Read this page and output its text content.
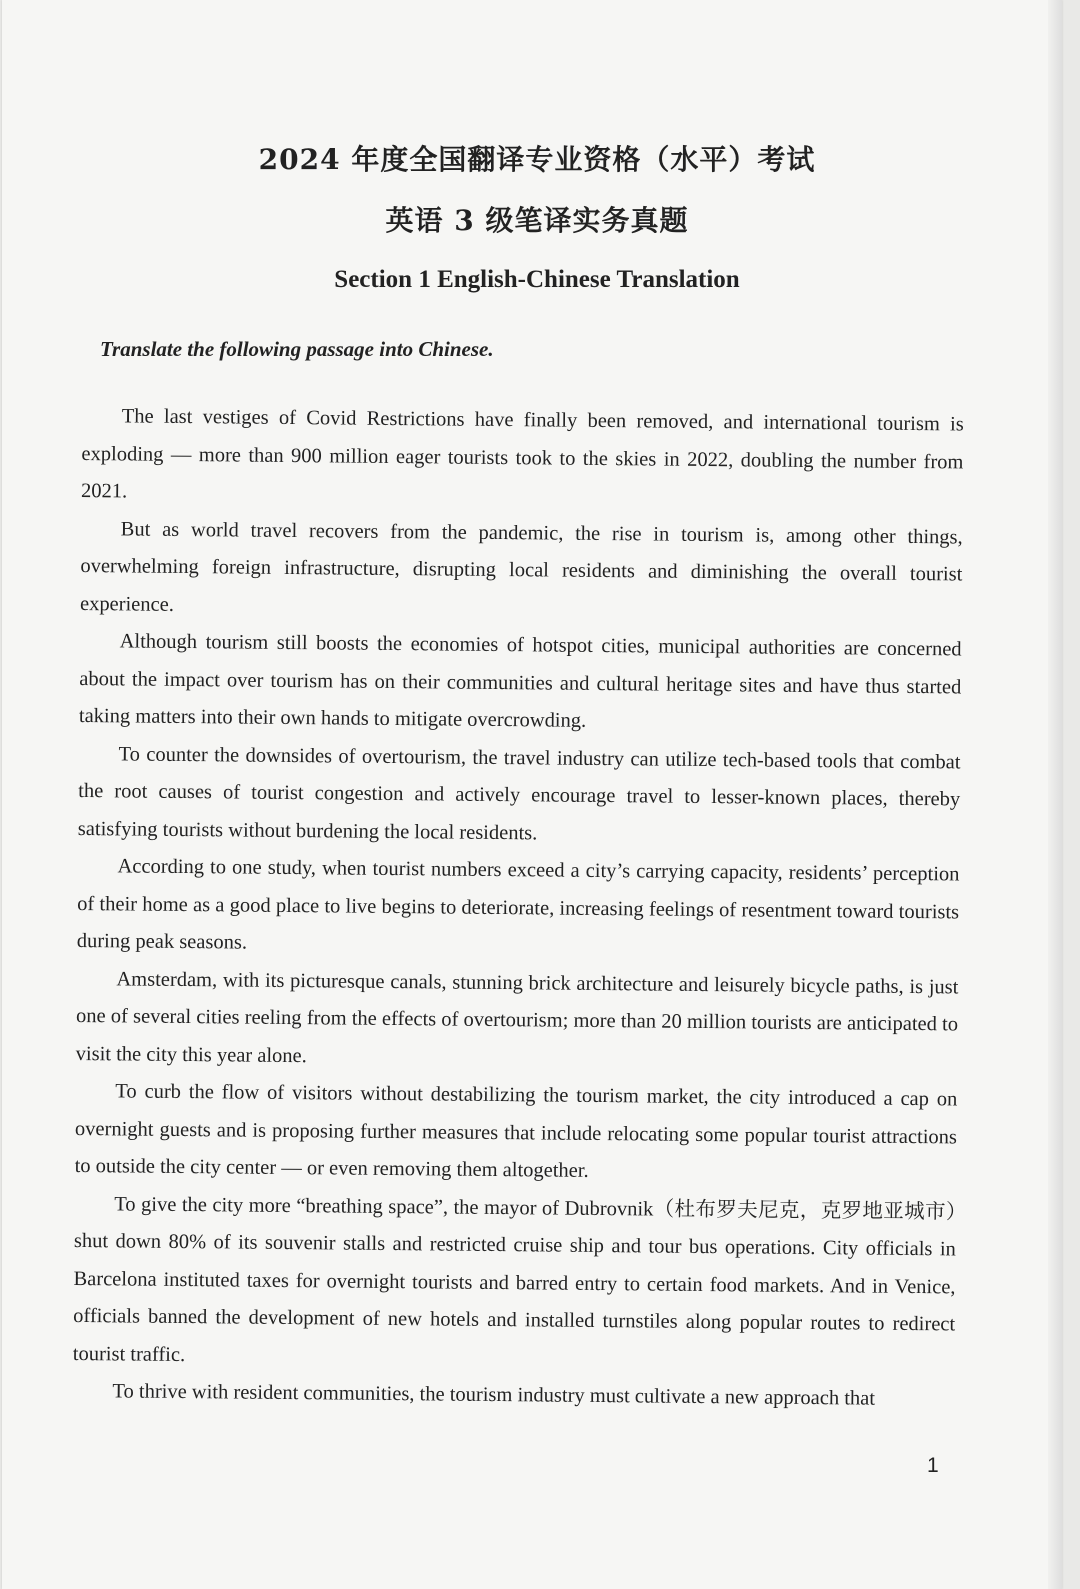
2024 年度全国翻译专业资格（水平）考试
英语 3 级笔译实务真题
Section 1 English-Chinese Translation
Translate the following passage into Chinese.

The last vestiges of Covid Restrictions have finally been removed, and international tourism is exploding — more than 900 million eager tourists took to the skies in 2022, doubling the number from 2021.

But as world travel recovers from the pandemic, the rise in tourism is, among other things, overwhelming foreign infrastructure, disrupting local residents and diminishing the overall tourist experience.

Although tourism still boosts the economies of hotspot cities, municipal authorities are concerned about the impact over tourism has on their communities and cultural heritage sites and have thus started taking matters into their own hands to mitigate overcrowding.

To counter the downsides of overtourism, the travel industry can utilize tech-based tools that combat the root causes of tourist congestion and actively encourage travel to lesser-known places, thereby satisfying tourists without burdening the local residents.

According to one study, when tourist numbers exceed a city’s carrying capacity, residents’ perception of their home as a good place to live begins to deteriorate, increasing feelings of resentment toward tourists during peak seasons.

Amsterdam, with its picturesque canals, stunning brick architecture and leisurely bicycle paths, is just one of several cities reeling from the effects of overtourism; more than 20 million tourists are anticipated to visit the city this year alone.

To curb the flow of visitors without destabilizing the tourism market, the city introduced a cap on overnight guests and is proposing further measures that include relocating some popular tourist attractions to outside the city center — or even removing them altogether.

To give the city more “breathing space”, the mayor of Dubrovnik（杜布罗夫尼克，克罗地亚城市）shut down 80% of its souvenir stalls and restricted cruise ship and tour bus operations. City officials in Barcelona instituted taxes for overnight tourists and barred entry to certain food markets. And in Venice, officials banned the development of new hotels and installed turnstiles along popular routes to redirect tourist traffic.

To thrive with resident communities, the tourism industry must cultivate a new approach that

1
